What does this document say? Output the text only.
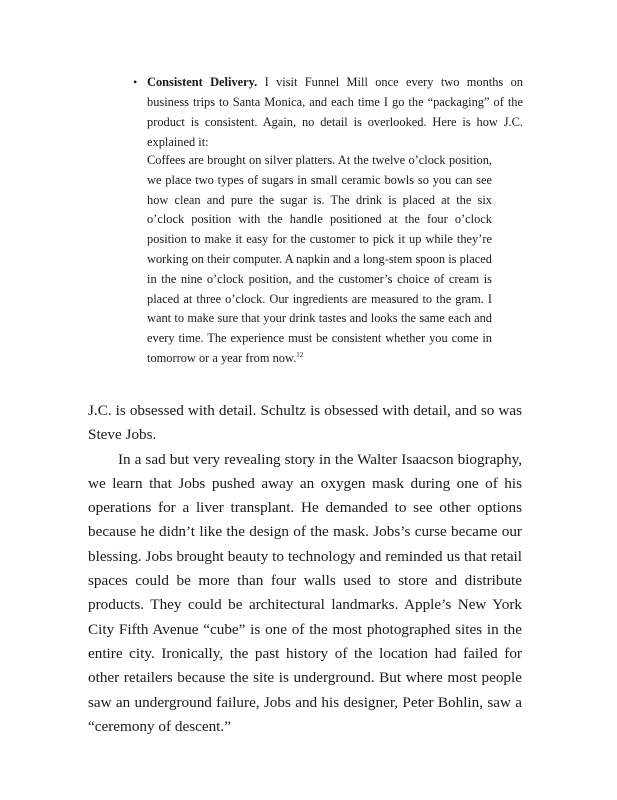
• Consistent Delivery. I visit Funnel Mill once every two months on business trips to Santa Monica, and each time I go the “packaging” of the product is consistent. Again, no detail is overlooked. Here is how J.C. explained it:

Coffees are brought on silver platters. At the twelve o’clock position, we place two types of sugars in small ceramic bowls so you can see how clean and pure the sugar is. The drink is placed at the six o’clock position with the handle positioned at the four o’clock position to make it easy for the customer to pick it up while they’re working on their computer. A napkin and a long-stem spoon is placed in the nine o’clock position, and the customer’s choice of cream is placed at three o’clock. Our ingredients are measured to the gram. I want to make sure that your drink tastes and looks the same each and every time. The experience must be consistent whether you come in tomorrow or a year from now.$^{12}$

J.C. is obsessed with detail. Schultz is obsessed with detail, and so was Steve Jobs.

In a sad but very revealing story in the Walter Isaacson biography, we learn that Jobs pushed away an oxygen mask during one of his operations for a liver transplant. He demanded to see other options because he didn’t like the design of the mask. Jobs’s curse became our blessing. Jobs brought beauty to technology and reminded us that retail spaces could be more than four walls used to store and distribute products. They could be architectural landmarks. Apple’s New York City Fifth Avenue “cube” is one of the most photographed sites in the entire city. Ironically, the past history of the location had failed for other retailers because the site is underground. But where most people saw an underground failure, Jobs and his designer, Peter Bohlin, saw a “ceremony of descent.”
